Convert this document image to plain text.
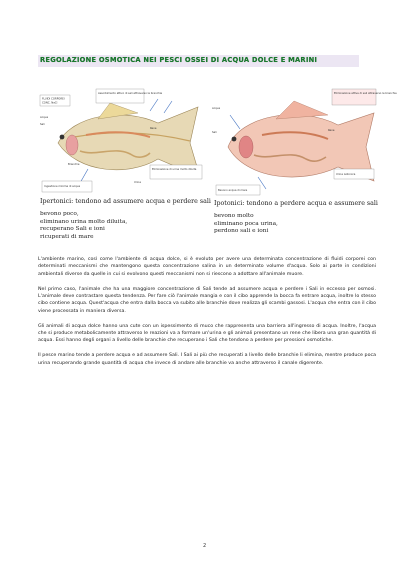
REGOLAZIONE OSMOTICA NEI PESCI OSSEI DI ACQUA DOLCE E MARINI
FLUIDI CORPOREI
CONC. NaCl
Acqua
Sali
Assorbimento attivo di sali attraverso le branchie
Branchie
Rene
Eliminazione di urina molto diluita
Urina
Ingestione minima di acqua
Acqua
Sali
Eliminazione attiva di sali attraverso le branchie
Rene
Urina isotonica
Bevono acqua di mare
Ipertonici: tendono ad assumere acqua e perdere sali
bevono poco,
eliminano urina molto diluita,
recuperano Sali e ioni
ricuperati di mare
Ipotonici: tendono a perdere acqua e assumere sali
bevono molto
eliminano poca urina,
perdono sali e ioni

L'ambiente marino, così come l'ambiente di acqua dolce, si è evoluto per avere una determinata concentrazione di fluidi corporei con determinati meccanismi che mantengono questa concentrazione salina in un determinato volume d'acqua. Solo ai parte in condizioni ambientali diverse da quelle in cui si evolvono questi meccanismi non si riescono a adottare all'animale muore.

Nel primo caso, l'animale che ha una maggiore concentrazione di Sali tende ad assumere acqua e perdere i Sali in eccesso per osmosi. L'animale deve contrastare questa tendenza. Per fare ciò l'animale mangia e con il cibo apprende la bocca fa entrare acqua, inoltre lo stesso cibo contiene acqua. Quest'acqua che entra dalla bocca va subito alle branchie dove realizza gli scambi gassosi. L'acqua che entra con il cibo viene processata in maniera diversa.

Gli animali di acqua dolce hanno una cute con un ispessimento di muco che rappresenta una barriera all'ingresso di acqua. Inoltre, l'acqua che si produce metabolicamente attraverso le reazioni va a formare un'urina e gli animali presentano un rene che libera una gran quantità di acqua. Essi hanno degli organi a livello delle branchie che recuperano i Sali che tendono a perdere per pressioni osmotiche.

Il pesce marino tende a perdere acqua e ad assumere Sali. I Sali ai più che recuperati a livello delle branchie li elimina, mentre produce poca urina recuperando grande quantità di acqua che invece di andare alle branchie va anche attraverso il canale digerente.

2
